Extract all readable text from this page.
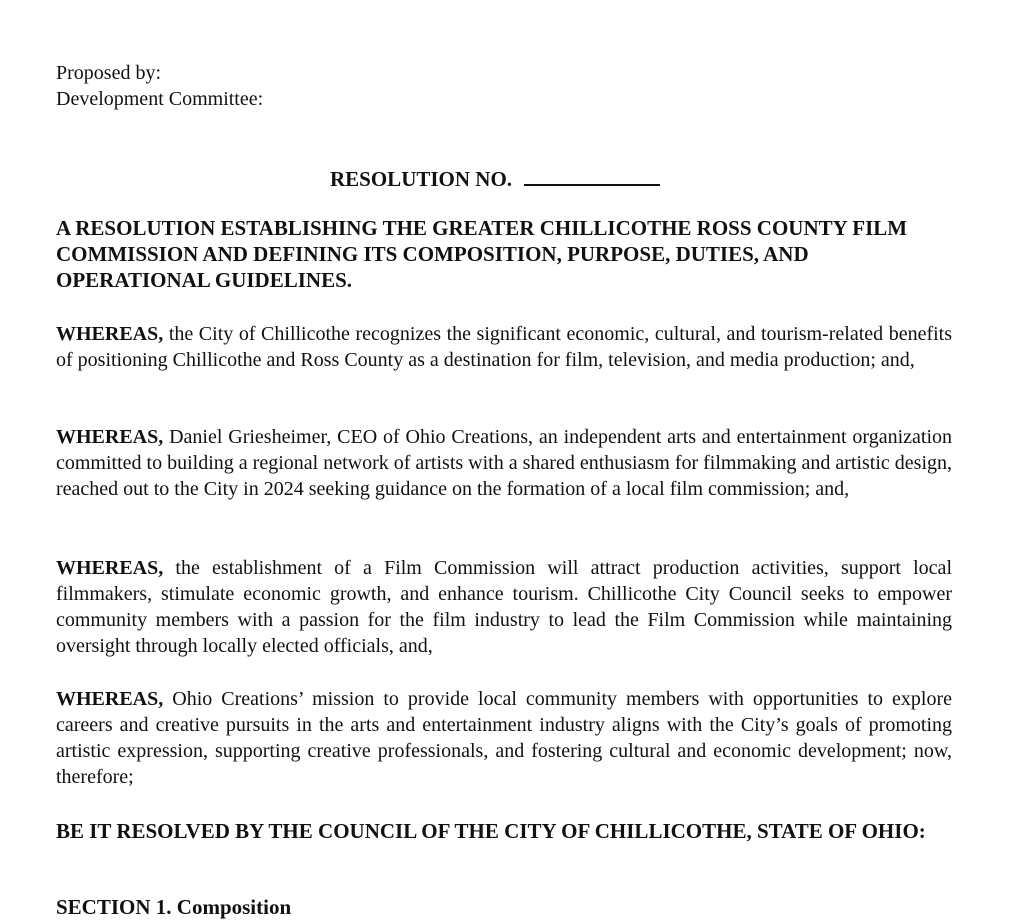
Proposed by:
Development Committee:
RESOLUTION NO.
A RESOLUTION ESTABLISHING THE GREATER CHILLICOTHE ROSS COUNTY FILM COMMISSION AND DEFINING ITS COMPOSITION, PURPOSE, DUTIES, AND OPERATIONAL GUIDELINES.
WHEREAS, the City of Chillicothe recognizes the significant economic, cultural, and tourism-related benefits of positioning Chillicothe and Ross County as a destination for film, television, and media production; and,
WHEREAS, Daniel Griesheimer, CEO of Ohio Creations, an independent arts and entertainment organization committed to building a regional network of artists with a shared enthusiasm for filmmaking and artistic design, reached out to the City in 2024 seeking guidance on the formation of a local film commission; and,
WHEREAS, the establishment of a Film Commission will attract production activities, support local filmmakers, stimulate economic growth, and enhance tourism. Chillicothe City Council seeks to empower community members with a passion for the film industry to lead the Film Commission while maintaining oversight through locally elected officials, and,
WHEREAS, Ohio Creations’ mission to provide local community members with opportunities to explore careers and creative pursuits in the arts and entertainment industry aligns with the City’s goals of promoting artistic expression, supporting creative professionals, and fostering cultural and economic development; now, therefore;
BE IT RESOLVED BY THE COUNCIL OF THE CITY OF CHILLICOTHE, STATE OF OHIO:
SECTION 1. Composition
